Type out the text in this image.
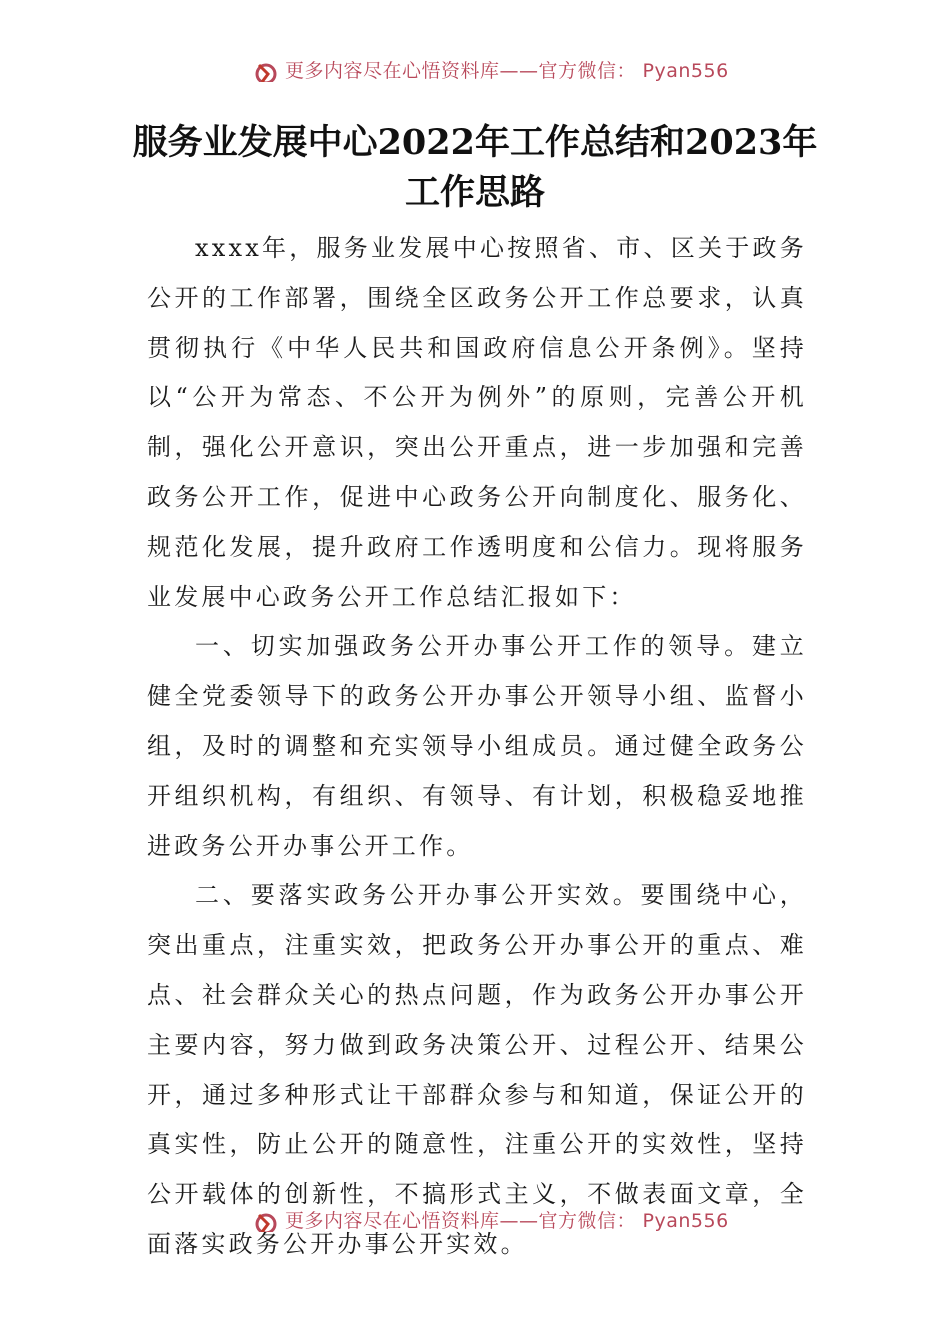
更多内容尽在心悟资料库——官方微信： Pyan556
服务业发展中心2022年工作总结和2023年工作思路

xxxx年，服务业发展中心按照省、市、区关于政务公开的工作部署，围绕全区政务公开工作总要求，认真贯彻执行《中华人民共和国政府信息公开条例》。坚持以“公开为常态、不公开为例外”的原则，完善公开机制，强化公开意识，突出公开重点，进一步加强和完善政务公开工作，促进中心政务公开向制度化、服务化、规范化发展，提升政府工作透明度和公信力。现将服务业发展中心政务公开工作总结汇报如下：

一、切实加强政务公开办事公开工作的领导。建立健全党委领导下的政务公开办事公开领导小组、监督小组，及时的调整和充实领导小组成员。通过健全政务公开组织机构，有组织、有领导、有计划，积极稳妥地推进政务公开办事公开工作。

二、要落实政务公开办事公开实效。要围绕中心，突出重点，注重实效，把政务公开办事公开的重点、难点、社会群众关心的热点问题，作为政务公开办事公开主要内容，努力做到政务决策公开、过程公开、结果公开，通过多种形式让干部群众参与和知道，保证公开的真实性，防止公开的随意性，注重公开的实效性，坚持公开载体的创新性，不搞形式主义，不做表面文章，全面落实政务公开办事公开实效。

更多内容尽在心悟资料库——官方微信： Pyan556
